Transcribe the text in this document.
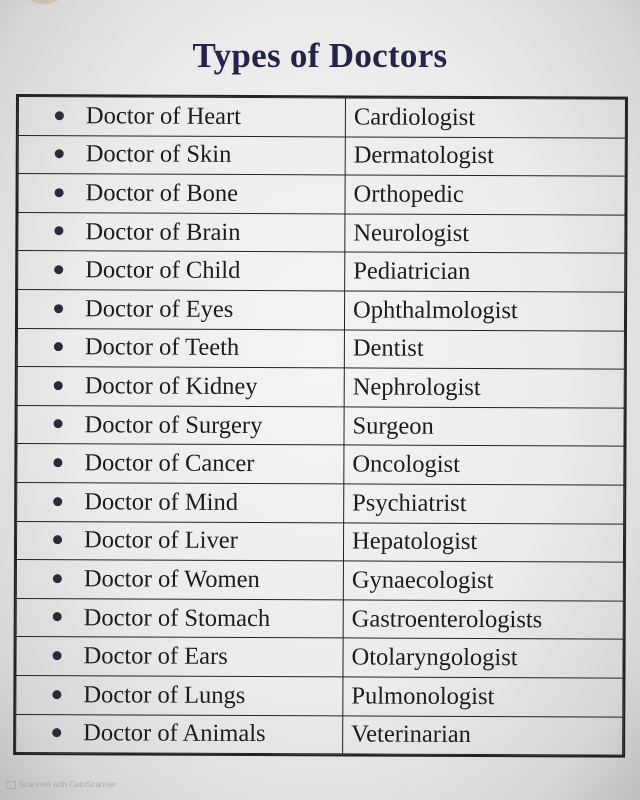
Types of Doctors
Doctor of Heart	Cardiologist
Doctor of Skin	Dermatologist
Doctor of Bone	Orthopedic
Doctor of Brain	Neurologist
Doctor of Child	Pediatrician
Doctor of Eyes	Ophthalmologist
Doctor of Teeth	Dentist
Doctor of Kidney	Nephrologist
Doctor of Surgery	Surgeon
Doctor of Cancer	Oncologist
Doctor of Mind	Psychiatrist
Doctor of Liver	Hepatologist
Doctor of Women	Gynaecologist
Doctor of Stomach	Gastroenterologists
Doctor of Ears	Otolaryngologist
Doctor of Lungs	Pulmonologist
Doctor of Animals	Veterinarian
Scanned with CamScanner
